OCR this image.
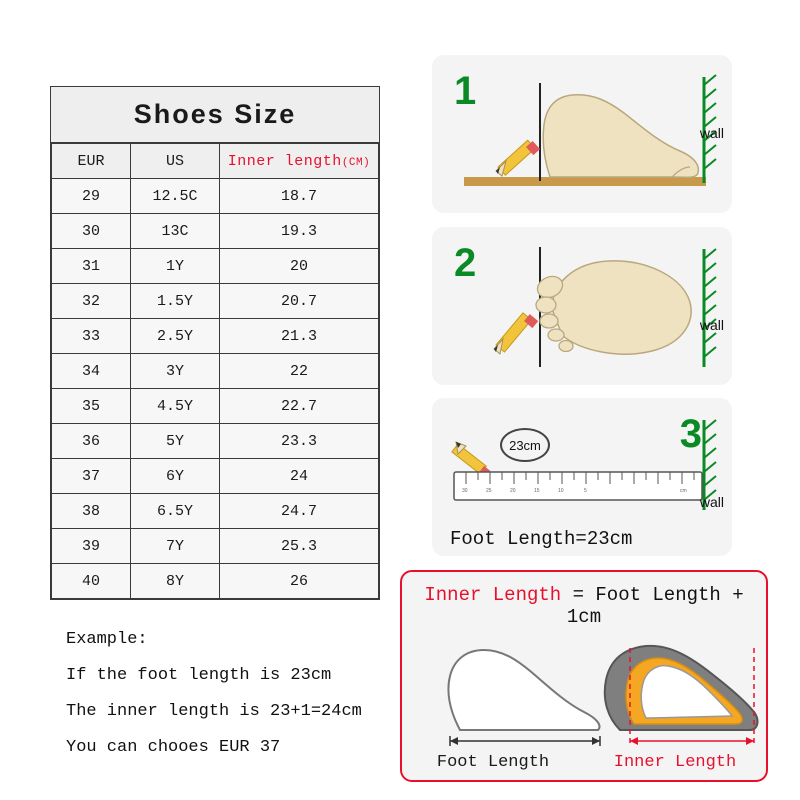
Shoes Size
EUR	US	Inner length(CM)
29	12.5C	18.7
30	13C	19.3
31	1Y	20
32	1.5Y	20.7
33	2.5Y	21.3
34	3Y	22
35	4.5Y	22.7
36	5Y	23.3
37	6Y	24
38	6.5Y	24.7
39	7Y	25.3
40	8Y	26
Example:
If the foot length is 23cm
The inner length is 23+1=24cm
You can chooes EUR 37
1
wall
2
wall
30	25	20	15	10	5	cm
3
wall
23cm
Foot Length=23cm
Inner Length = Foot Length + 1cm
Foot Length	Inner Length
